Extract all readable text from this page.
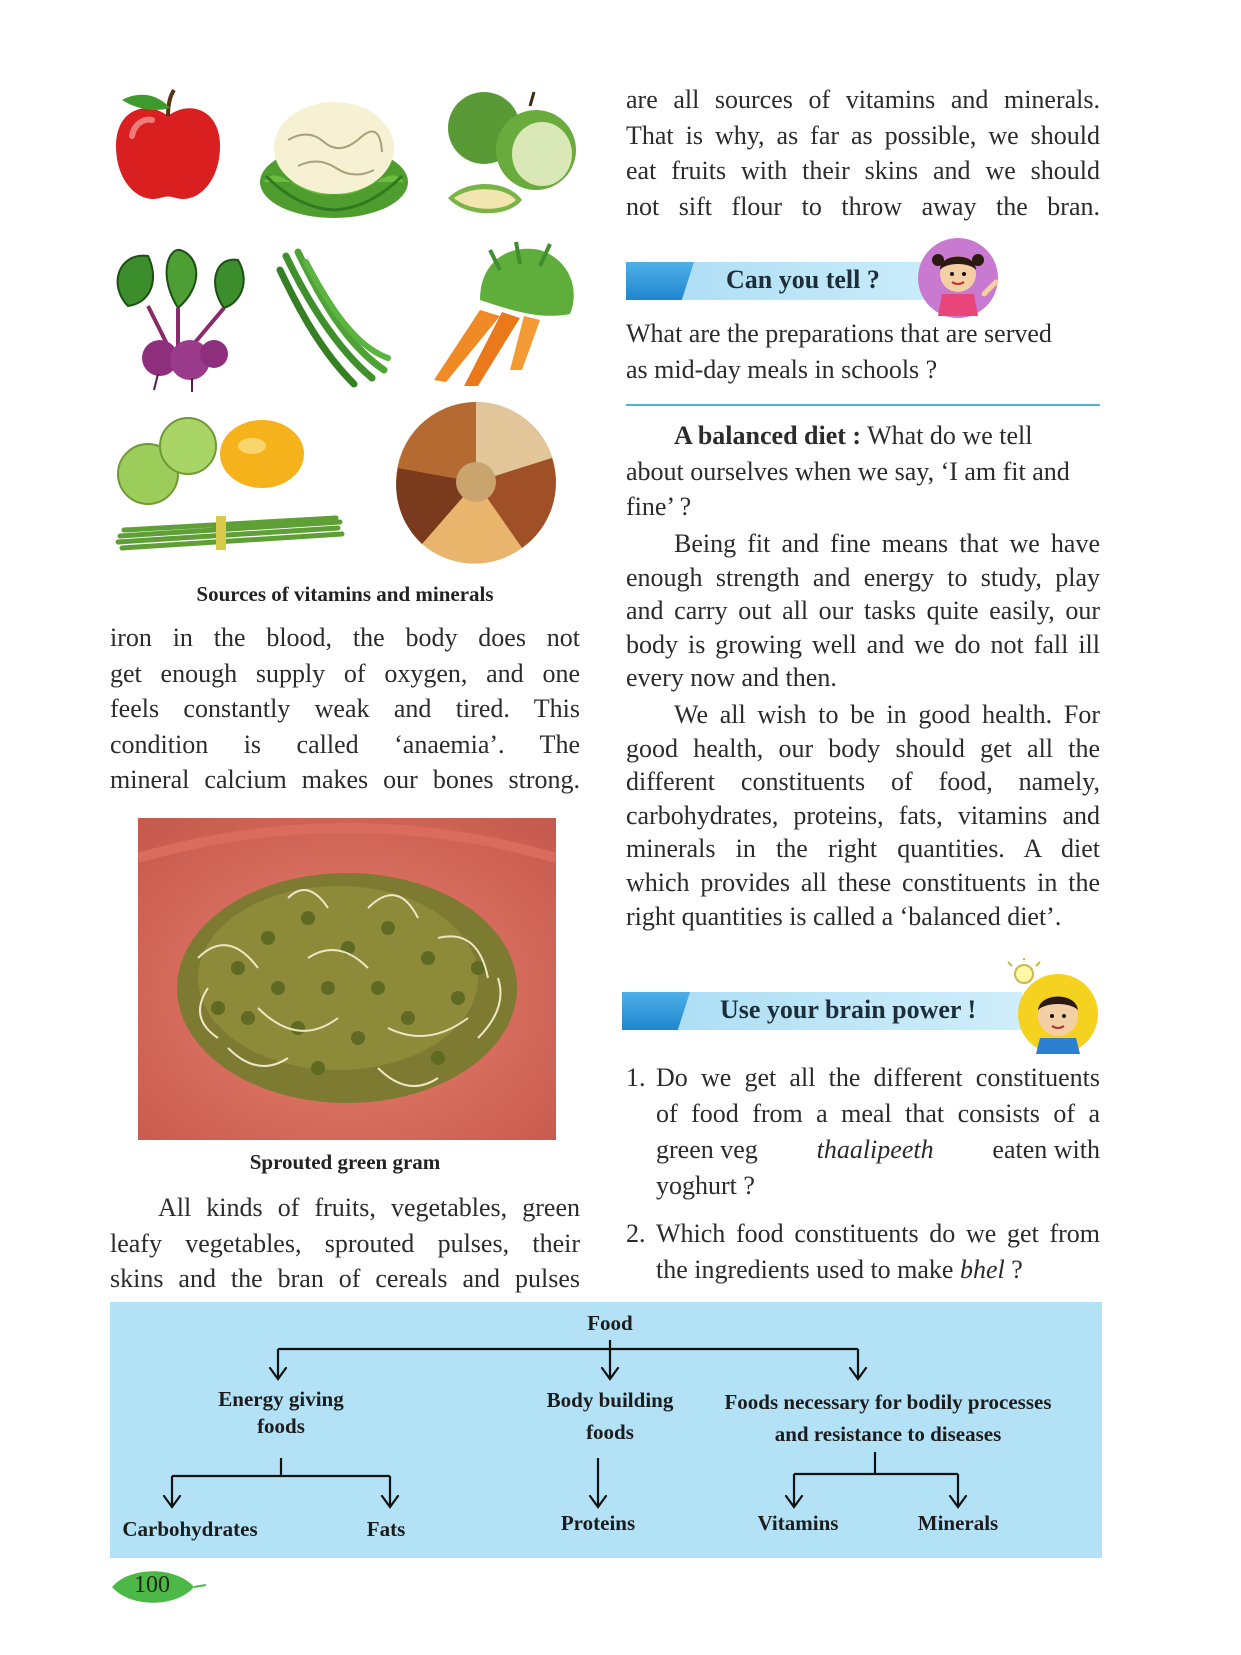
Sources of vitamins and minerals

iron in the blood, the body does not

get enough supply of oxygen, and one

feels constantly weak and tired. This

condition is called ‘anaemia’. The

mineral calcium makes our bones strong.

Sprouted green gram

All kinds of fruits, vegetables, green

leafy vegetables, sprouted pulses, their

skins and the bran of cereals and pulses

are all sources of vitamins and minerals.

That is why, as far as possible, we should

eat fruits with their skins and we should

not sift flour to throw away the bran.

Can you tell ?

What are the preparations that are served

as mid-day meals in schools ?

A balanced diet : What do we tell

about ourselves when we say, ‘I am fit and

fine’ ?

Being fit and fine means that we have

enough strength and energy to study, play

and carry out all our tasks quite easily, our

body is growing well and we do not fall ill

every now and then.

We all wish to be in good health. For

good health, our body should get all the

different constituents of food, namely,

carbohydrates, proteins, fats, vitamins and

minerals in the right quantities. A diet

which provides all these constituents in the

right quantities is called a ‘balanced diet’.

Use your brain power !
1. Do we get all the different constituents
of food from a meal that consists of a
green veg thaalipeeth eaten with
yoghurt ?
2. Which food constituents do we get from
the ingredients used to make bhel ?
Food
Energy giving
foods
Body building
foods
Foods necessary for bodily processes
and resistance to diseases
Carbohydrates	Fats	Proteins	Vitamins	Minerals
100
